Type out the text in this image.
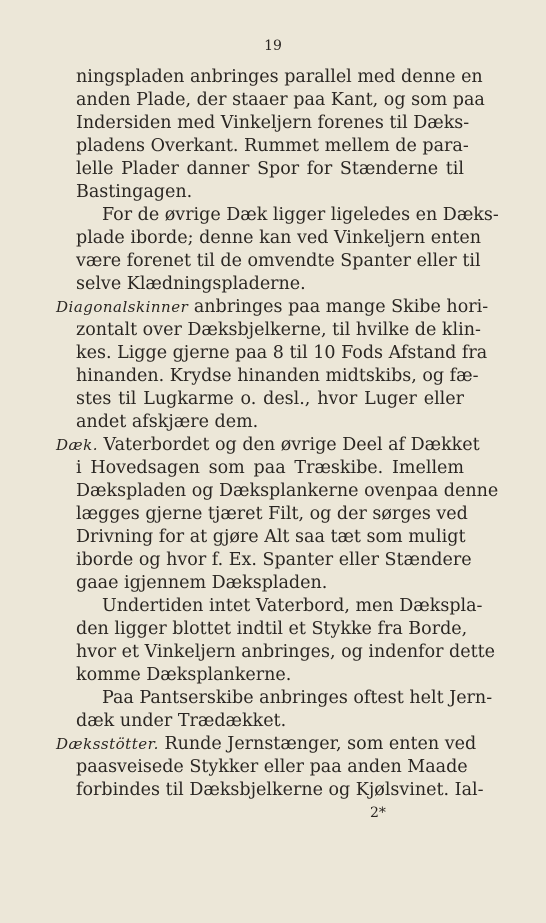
19
ningspladen anbringes parallel med denne en
anden Plade, der staaer paa Kant, og som paa
Indersiden med Vinkeljern forenes til Dæks-
pladens Overkant. Rummet mellem de para-
lelle Plader danner Spor for Stænderne til
Bastingagen.
For de øvrige Dæk ligger ligeledes en Dæks-
plade iborde; denne kan ved Vinkeljern enten
være forenet til de omvendte Spanter eller til
selve Klædningspladerne.
Diagonalskinner anbringes paa mange Skibe hori-
zontalt over Dæksbjelkerne, til hvilke de klin-
kes. Ligge gjerne paa 8 til 10 Fods Afstand fra
hinanden. Krydse hinanden midtskibs, og fæ-
stes til Lugkarme o. desl., hvor Luger eller
andet afskjære dem.
Dæk. Vaterbordet og den øvrige Deel af Dækket
i Hovedsagen som paa Træskibe. Imellem
Dækspladen og Dæksplankerne ovenpaa denne
lægges gjerne tjæret Filt, og der sørges ved
Drivning for at gjøre Alt saa tæt som muligt
iborde og hvor f. Ex. Spanter eller Stændere
gaae igjennem Dækspladen.
Undertiden intet Vaterbord, men Dækspla-
den ligger blottet indtil et Stykke fra Borde,
hvor et Vinkeljern anbringes, og indenfor dette
komme Dæksplankerne.
Paa Pantserskibe anbringes oftest helt Jern-
dæk under Trædækket.
Dæksstötter. Runde Jernstænger, som enten ved
paasveisede Stykker eller paa anden Maade
forbindes til Dæksbjelkerne og Kjølsvinet. Ial-
2*
